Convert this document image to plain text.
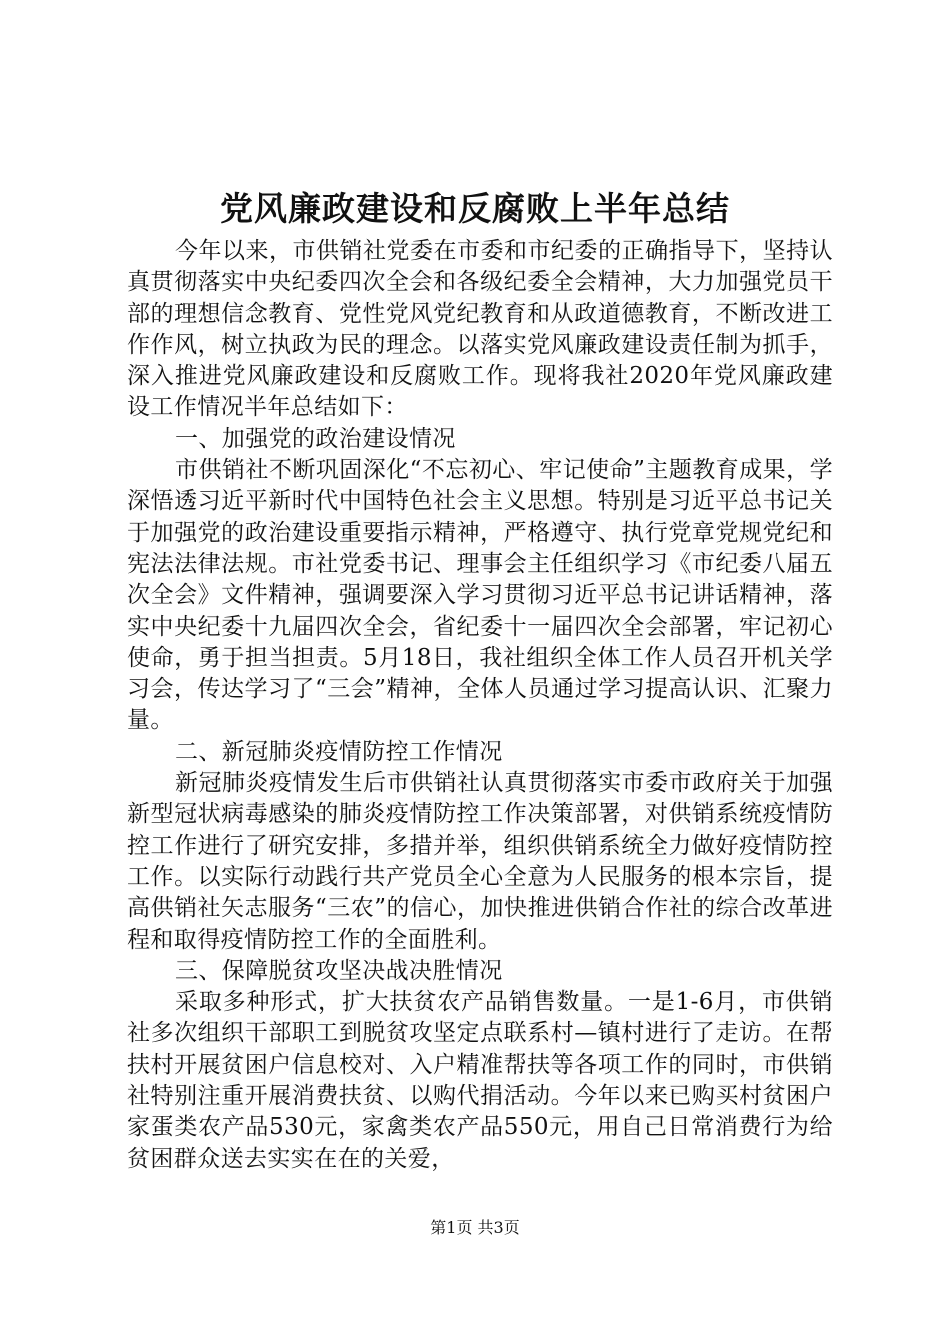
党风廉政建设和反腐败上半年总结

今年以来，市供销社党委在市委和市纪委的正确指导下，坚持认真贯彻落实中央纪委四次全会和各级纪委全会精神，大力加强党员干部的理想信念教育、党性党风党纪教育和从政道德教育，不断改进工作作风，树立执政为民的理念。以落实党风廉政建设责任制为抓手，深入推进党风廉政建设和反腐败工作。现将我社2020年党风廉政建设工作情况半年总结如下：

一、加强党的政治建设情况

市供销社不断巩固深化“不忘初心、牢记使命”主题教育成果，学深悟透习近平新时代中国特色社会主义思想。特别是习近平总书记关于加强党的政治建设重要指示精神，严格遵守、执行党章党规党纪和宪法法律法规。市社党委书记、理事会主任组织学习《市纪委八届五次全会》文件精神，强调要深入学习贯彻习近平总书记讲话精神，落实中央纪委十九届四次全会，省纪委十一届四次全会部署，牢记初心使命，勇于担当担责。5月18日，我社组织全体工作人员召开机关学习会，传达学习了“三会”精神，全体人员通过学习提高认识、汇聚力量。

二、新冠肺炎疫情防控工作情况

新冠肺炎疫情发生后市供销社认真贯彻落实市委市政府关于加强新型冠状病毒感染的肺炎疫情防控工作决策部署，对供销系统疫情防控工作进行了研究安排，多措并举，组织供销系统全力做好疫情防控工作。以实际行动践行共产党员全心全意为人民服务的根本宗旨，提高供销社矢志服务“三农”的信心，加快推进供销合作社的综合改革进程和取得疫情防控工作的全面胜利。

三、保障脱贫攻坚决战决胜情况

采取多种形式，扩大扶贫农产品销售数量。一是1-6月，市供销社多次组织干部职工到脱贫攻坚定点联系村—镇村进行了走访。在帮扶村开展贫困户信息校对、入户精准帮扶等各项工作的同时，市供销社特别注重开展消费扶贫、以购代捐活动。今年以来已购买村贫困户家蛋类农产品530元，家禽类农产品550元，用自己日常消费行为给贫困群众送去实实在在的关爱，

第1页 共3页
